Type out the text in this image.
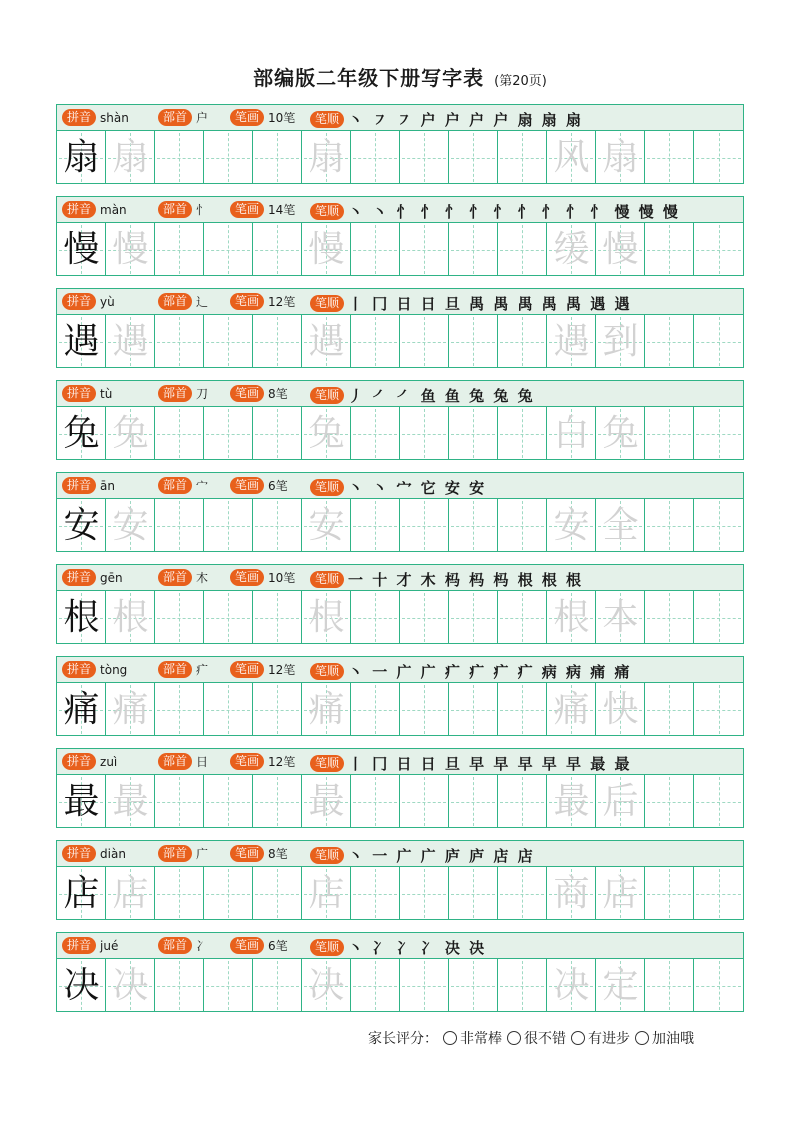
部编版二年级下册写字表 (第20页)
拼音 shàn	部首 户	笔画 10笔	笔顺 丶 ㇇ ㇇ 户 户 户 户 扇 扇 扇
扇 扇	扇	风 扇
拼音 màn	部首 忄	笔画 14笔	笔顺 丶 丶 忄 忄 忄 忄 忄 忄 忄 忄 忄 慢 慢 慢
慢 慢	慢	缓 慢
拼音 yù	部首 辶	笔画 12笔	笔顺 丨 冂 日 日 旦 禺 禺 禺 禺 禺 遇 遇
遇 遇	遇	遇 到
拼音 tù	部首 刀	笔画 8笔	笔顺 丿 ㇒ ㇒ 鱼 鱼 兔 兔 兔
兔 兔	兔	白 兔
拼音 ān	部首 宀	笔画 6笔	笔顺 丶 丶 宀 它 安 安
安 安	安	安 全
拼音 gēn	部首 木	笔画 10笔	笔顺 一 十 才 木 杩 杩 杩 根 根 根
根 根	根	根 本
拼音 tòng	部首 疒	笔画 12笔	笔顺 丶 一 广 广 疒 疒 疒 疒 病 病 痛 痛
痛 痛	痛	痛 快
拼音 zuì	部首 日	笔画 12笔	笔顺 丨 冂 日 日 旦 早 早 早 早 早 最 最
最 最	最	最 后
拼音 diàn	部首 广	笔画 8笔	笔顺 丶 一 广 广 庐 庐 店 店
店 店	店	商 店
拼音 jué	部首 冫	笔画 6笔	笔顺 丶 冫 冫 冫 决 决
决 决	决	决 定
家长评分： 非常棒 很不错 有进步 加油哦
